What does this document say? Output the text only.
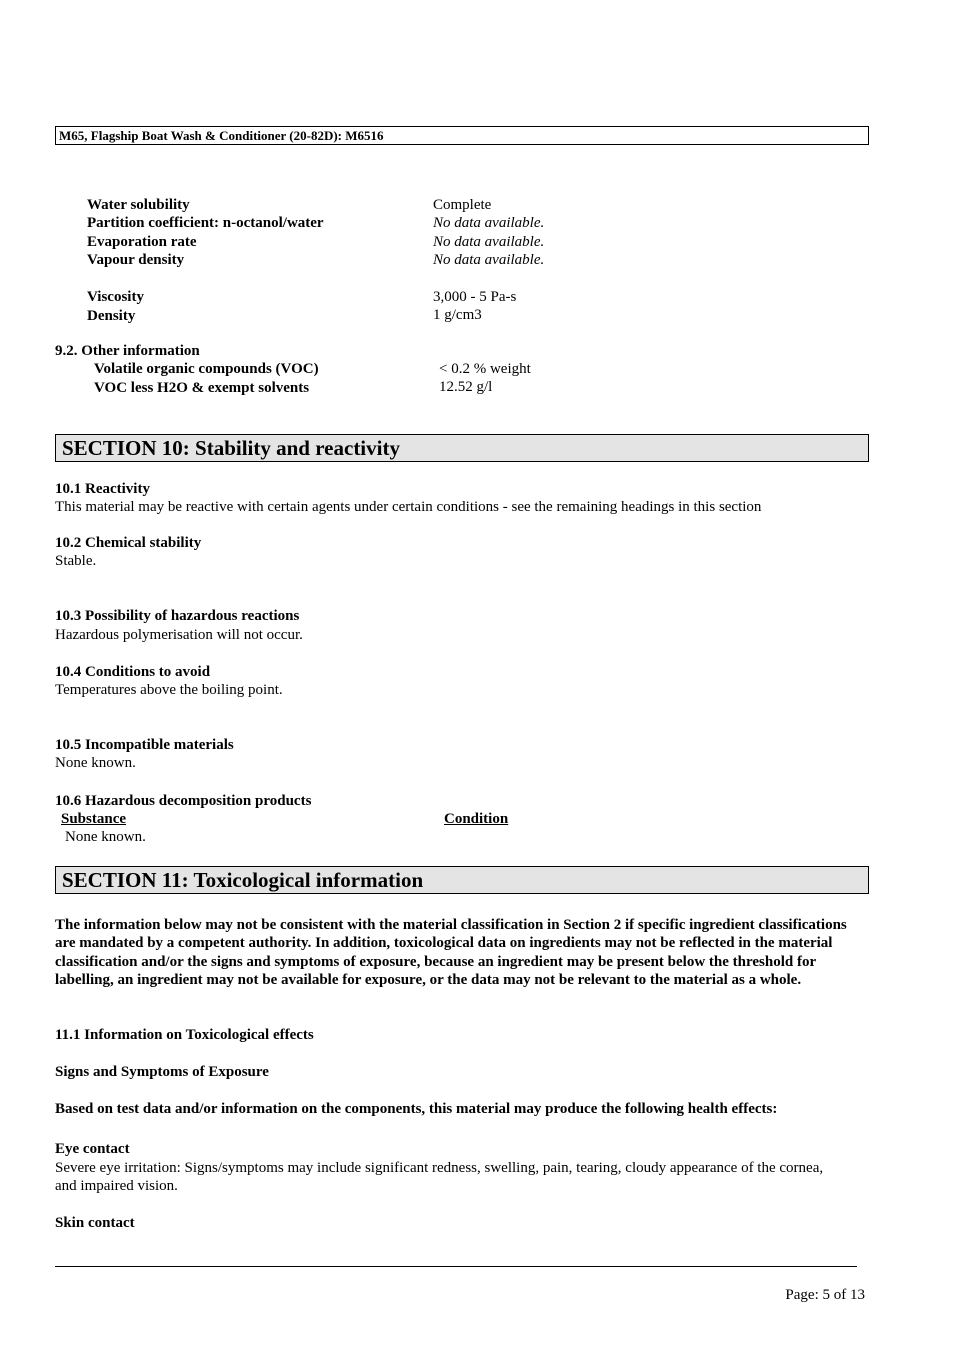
M65, Flagship Boat Wash & Conditioner (20-82D): M6516
Water solubility	Complete
Partition coefficient: n-octanol/water	No data available.
Evaporation rate	No data available.
Vapour density	No data available.
Viscosity	3,000 - 5 Pa-s
Density	1 g/cm3
9.2. Other information
Volatile organic compounds (VOC)	< 0.2 % weight
VOC less H2O & exempt solvents	12.52 g/l
SECTION 10: Stability and reactivity
10.1 Reactivity
This material may be reactive with certain agents under certain conditions - see the remaining headings in this section
10.2 Chemical stability
Stable.
10.3 Possibility of hazardous reactions
Hazardous polymerisation will not occur.
10.4 Conditions to avoid
Temperatures above the boiling point.
10.5 Incompatible materials
None known.
10.6 Hazardous decomposition products
Substance	Condition
None known.
SECTION 11: Toxicological information
The information below may not be consistent with the material classification in Section 2 if specific ingredient classifications are mandated by a competent authority. In addition, toxicological data on ingredients may not be reflected in the material classification and/or the signs and symptoms of exposure, because an ingredient may be present below the threshold for labelling, an ingredient may not be available for exposure, or the data may not be relevant to the material as a whole.
11.1 Information on Toxicological effects
Signs and Symptoms of Exposure
Based on test data and/or information on the components, this material may produce the following health effects:
Eye contact
Severe eye irritation: Signs/symptoms may include significant redness, swelling, pain, tearing, cloudy appearance of the cornea, and impaired vision.
Skin contact
Page: 5 of 13
